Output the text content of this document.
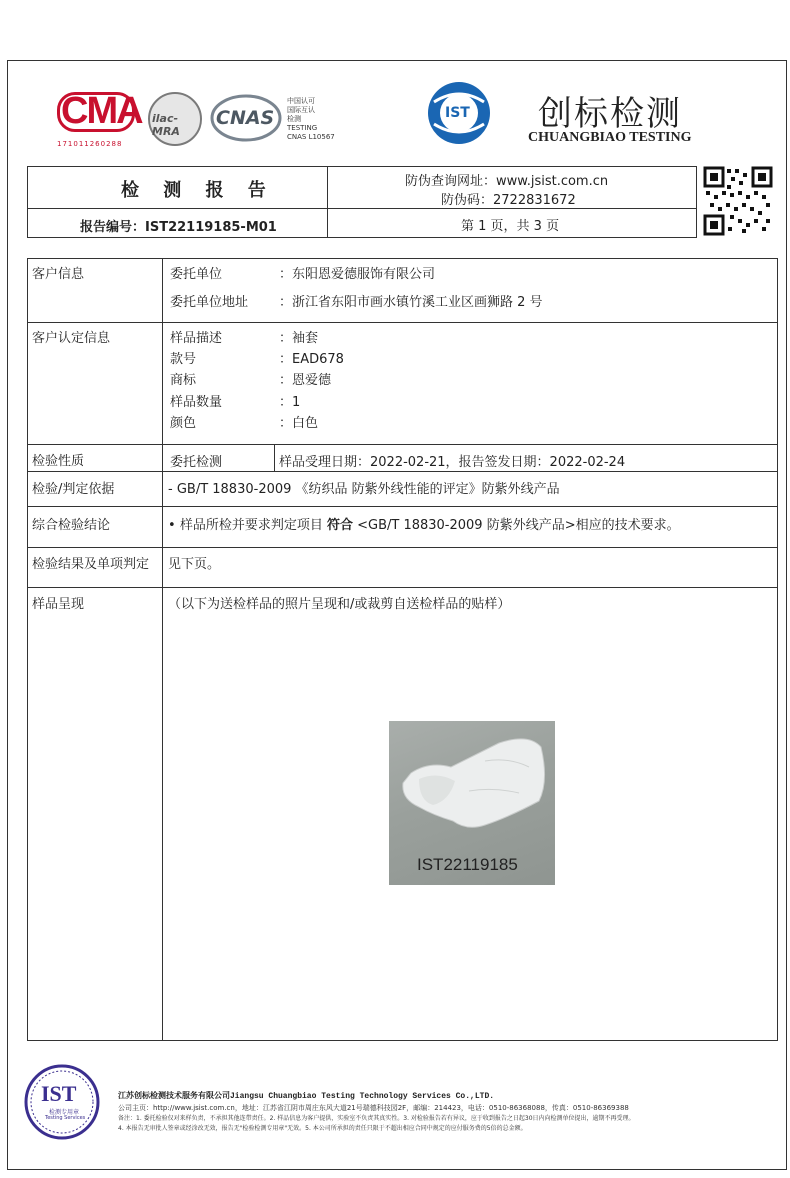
CMA
171011260288
ilac-MRA
CNAS
中国认可
国际互认
检测
TESTING
CNAS L10567
IST 创标检测
CHUANGBIAO TESTING
检 测 报 告	防伪查询网址：www.jsist.com.cn
防伪码：2722831672
报告编号：IST22119185-M01	第 1 页，共 3 页
客户信息	委托单位	：东阳恩爱德服饰有限公司
委托单位地址 ：浙江省东阳市画水镇竹溪工业区画狮路 2 号
客户认定信息	样品描述	：袖套
款号	：EAD678
商标	：恩爱德
样品数量	：1
颜色	：白色
检验性质	委托检测	样品受理日期：2022-02-21，报告签发日期：2022-02-24
检验/判定依据	- GB/T 18830-2009 《纺织品 防紫外线性能的评定》防紫外线产品
综合检验结论	• 样品所检并要求判定项目 符合 <GB/T 18830-2009 防紫外线产品>相应的技术要求。
检验结果及单项判定 见下页。
样品呈现	（以下为送检样品的照片呈现和/或裁剪自送检样品的贴样）
IST22119185
IST
检测专用章
Testing Services
江苏创标检测技术服务有限公司Jiangsu Chuangbiao Testing Technology Services Co.,LTD.
公司主页：http://www.jsist.com.cn，地址：江苏省江阴市周庄东风大道21号瑞德科技园2F，邮编：214423，电话：0510-86368088，传真：0510-86369388
备注：1. 委托检验仅对来样负责，不承担其他连带责任。2. 样品信息为客户提供，实验室不负责其真实性。3. 对检验报告若有异议，应于收到报告之日起30日内向检测单位提出，逾期不再受理。
4. 本报告无审批人签章或经涂改无效，报告无"检验检测专用章"无效。5. 本公司所承担的责任只限于不超出相应合同中规定的应付服务费的5倍的总金额。
